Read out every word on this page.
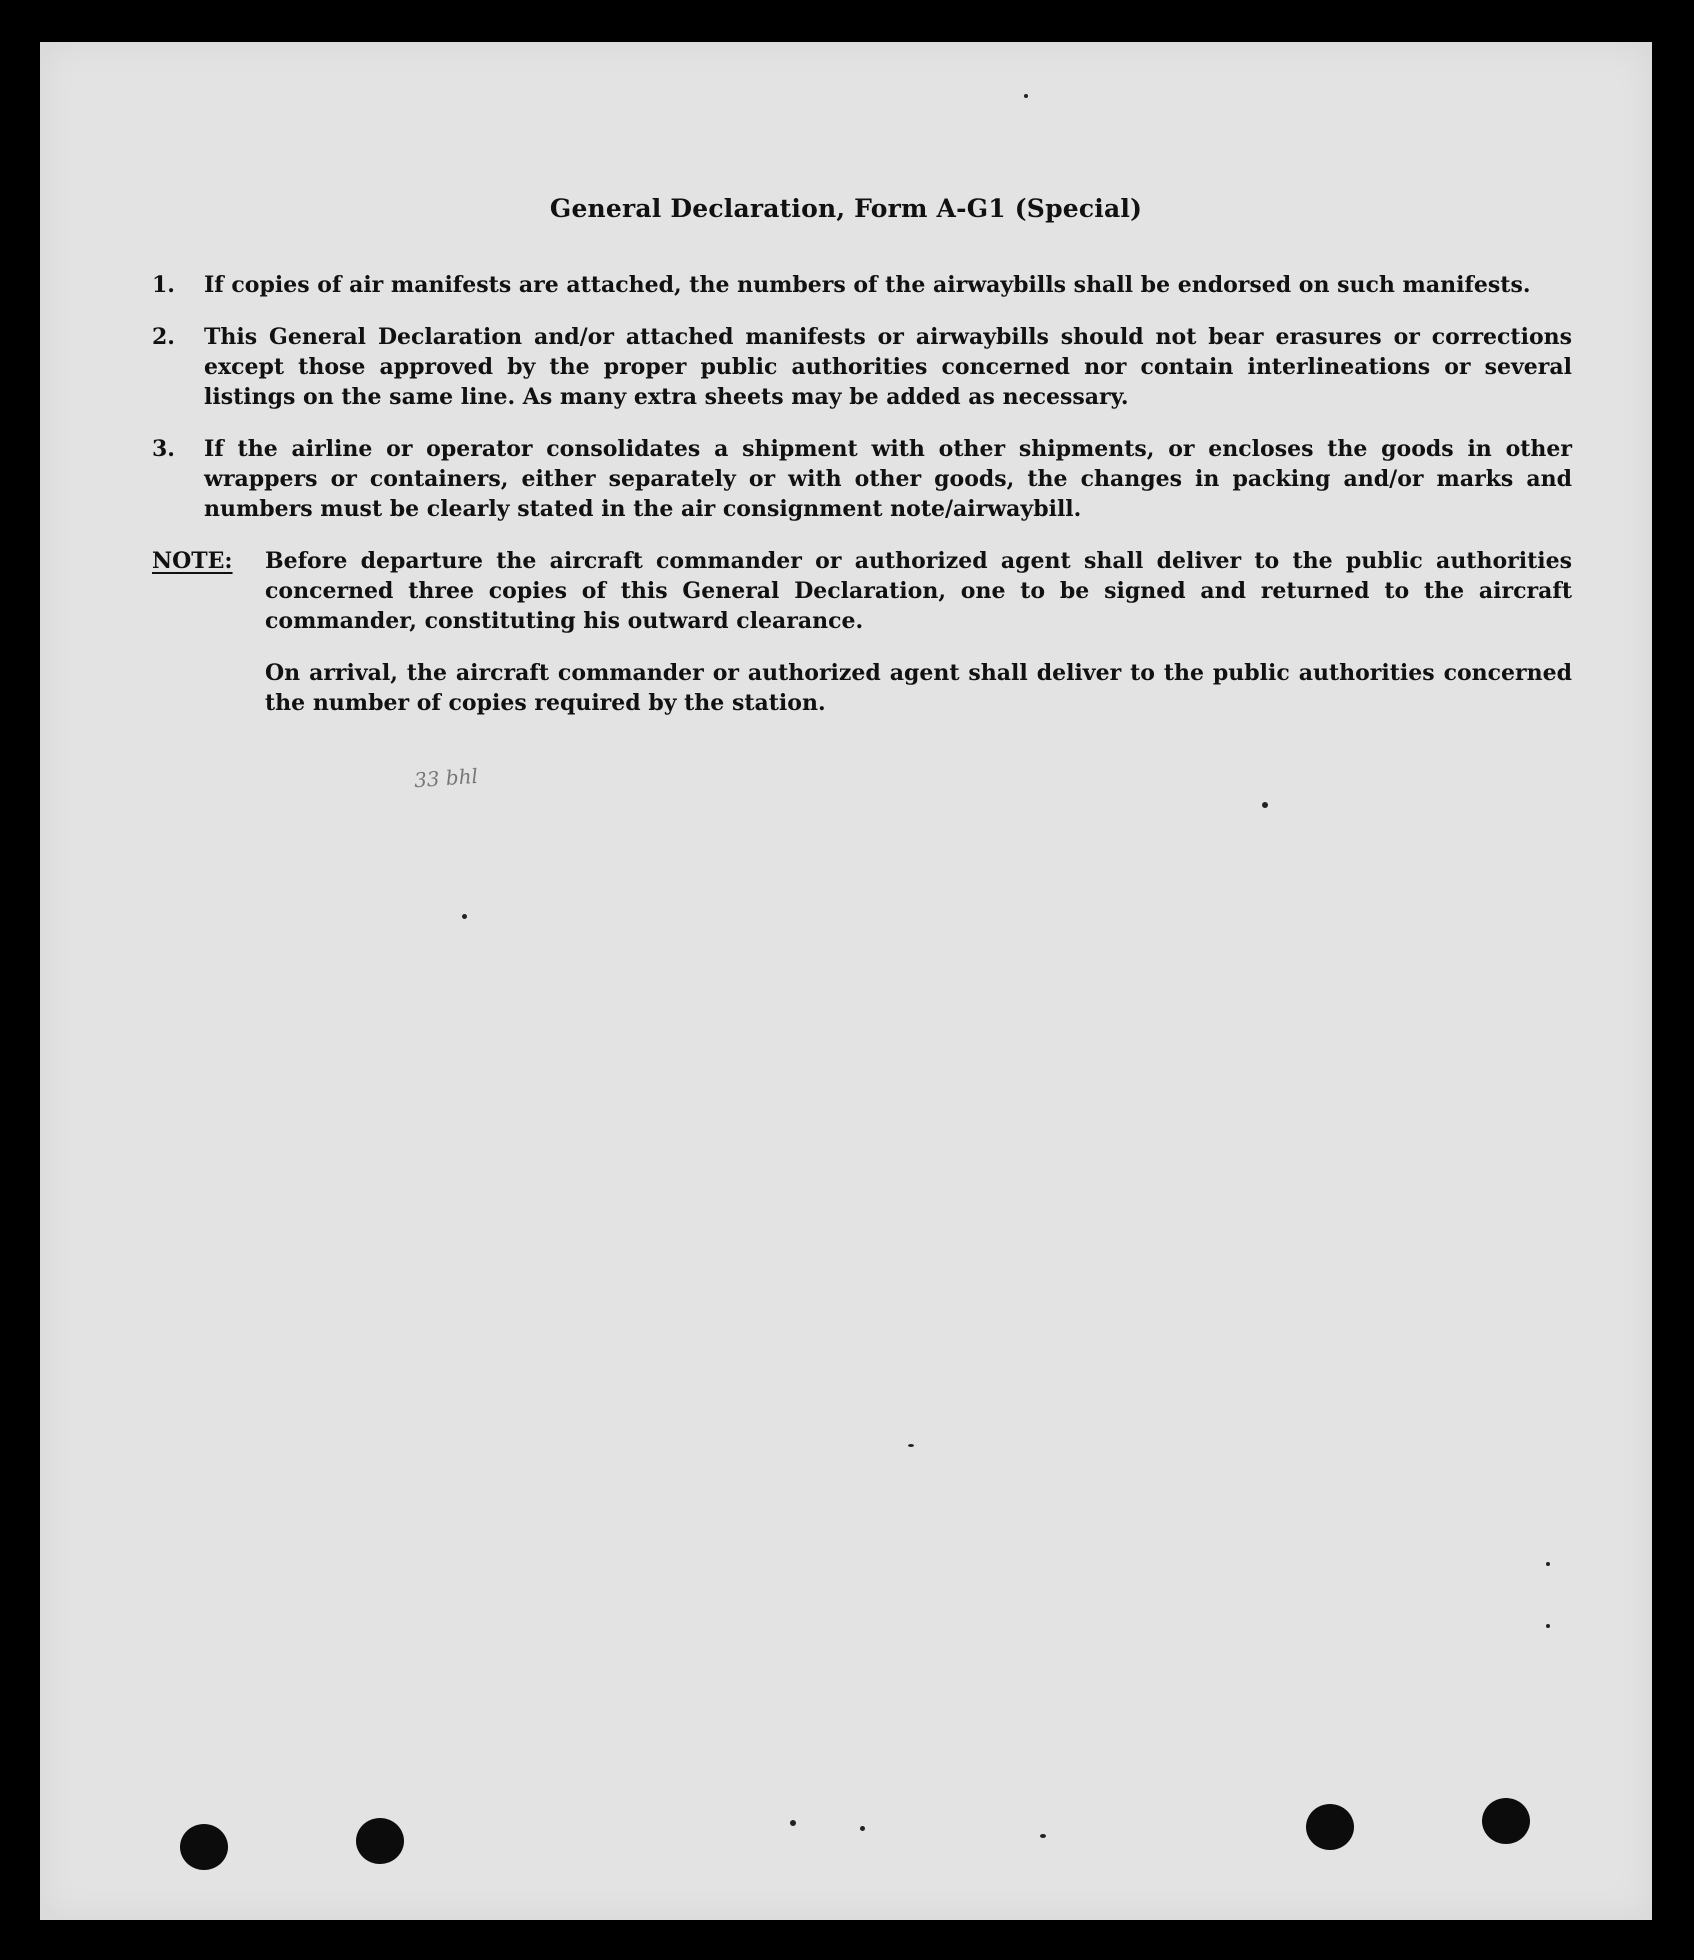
General Declaration, Form A-G1 (Special)
1.	If copies of air manifests are attached, the numbers of the airwaybills shall be endorsed on such manifests.
2.	This General Declaration and/or attached manifests or airwaybills should not bear erasures or corrections except those approved by the proper public authorities concerned nor contain interlineations or several listings on the same line. As many extra sheets may be added as necessary.
3.	If the airline or operator consolidates a shipment with other shipments, or encloses the goods in other wrappers or containers, either separately or with other goods, the changes in packing and/or marks and numbers must be clearly stated in the air consignment note/airwaybill.
NOTE: Before departure the aircraft commander or authorized agent shall deliver to the public authorities concerned three copies of this General Declaration, one to be signed and returned to the aircraft commander, constituting his outward clearance.
On arrival, the aircraft commander or authorized agent shall deliver to the public authorities concerned the number of copies required by the station.
33 bhl
